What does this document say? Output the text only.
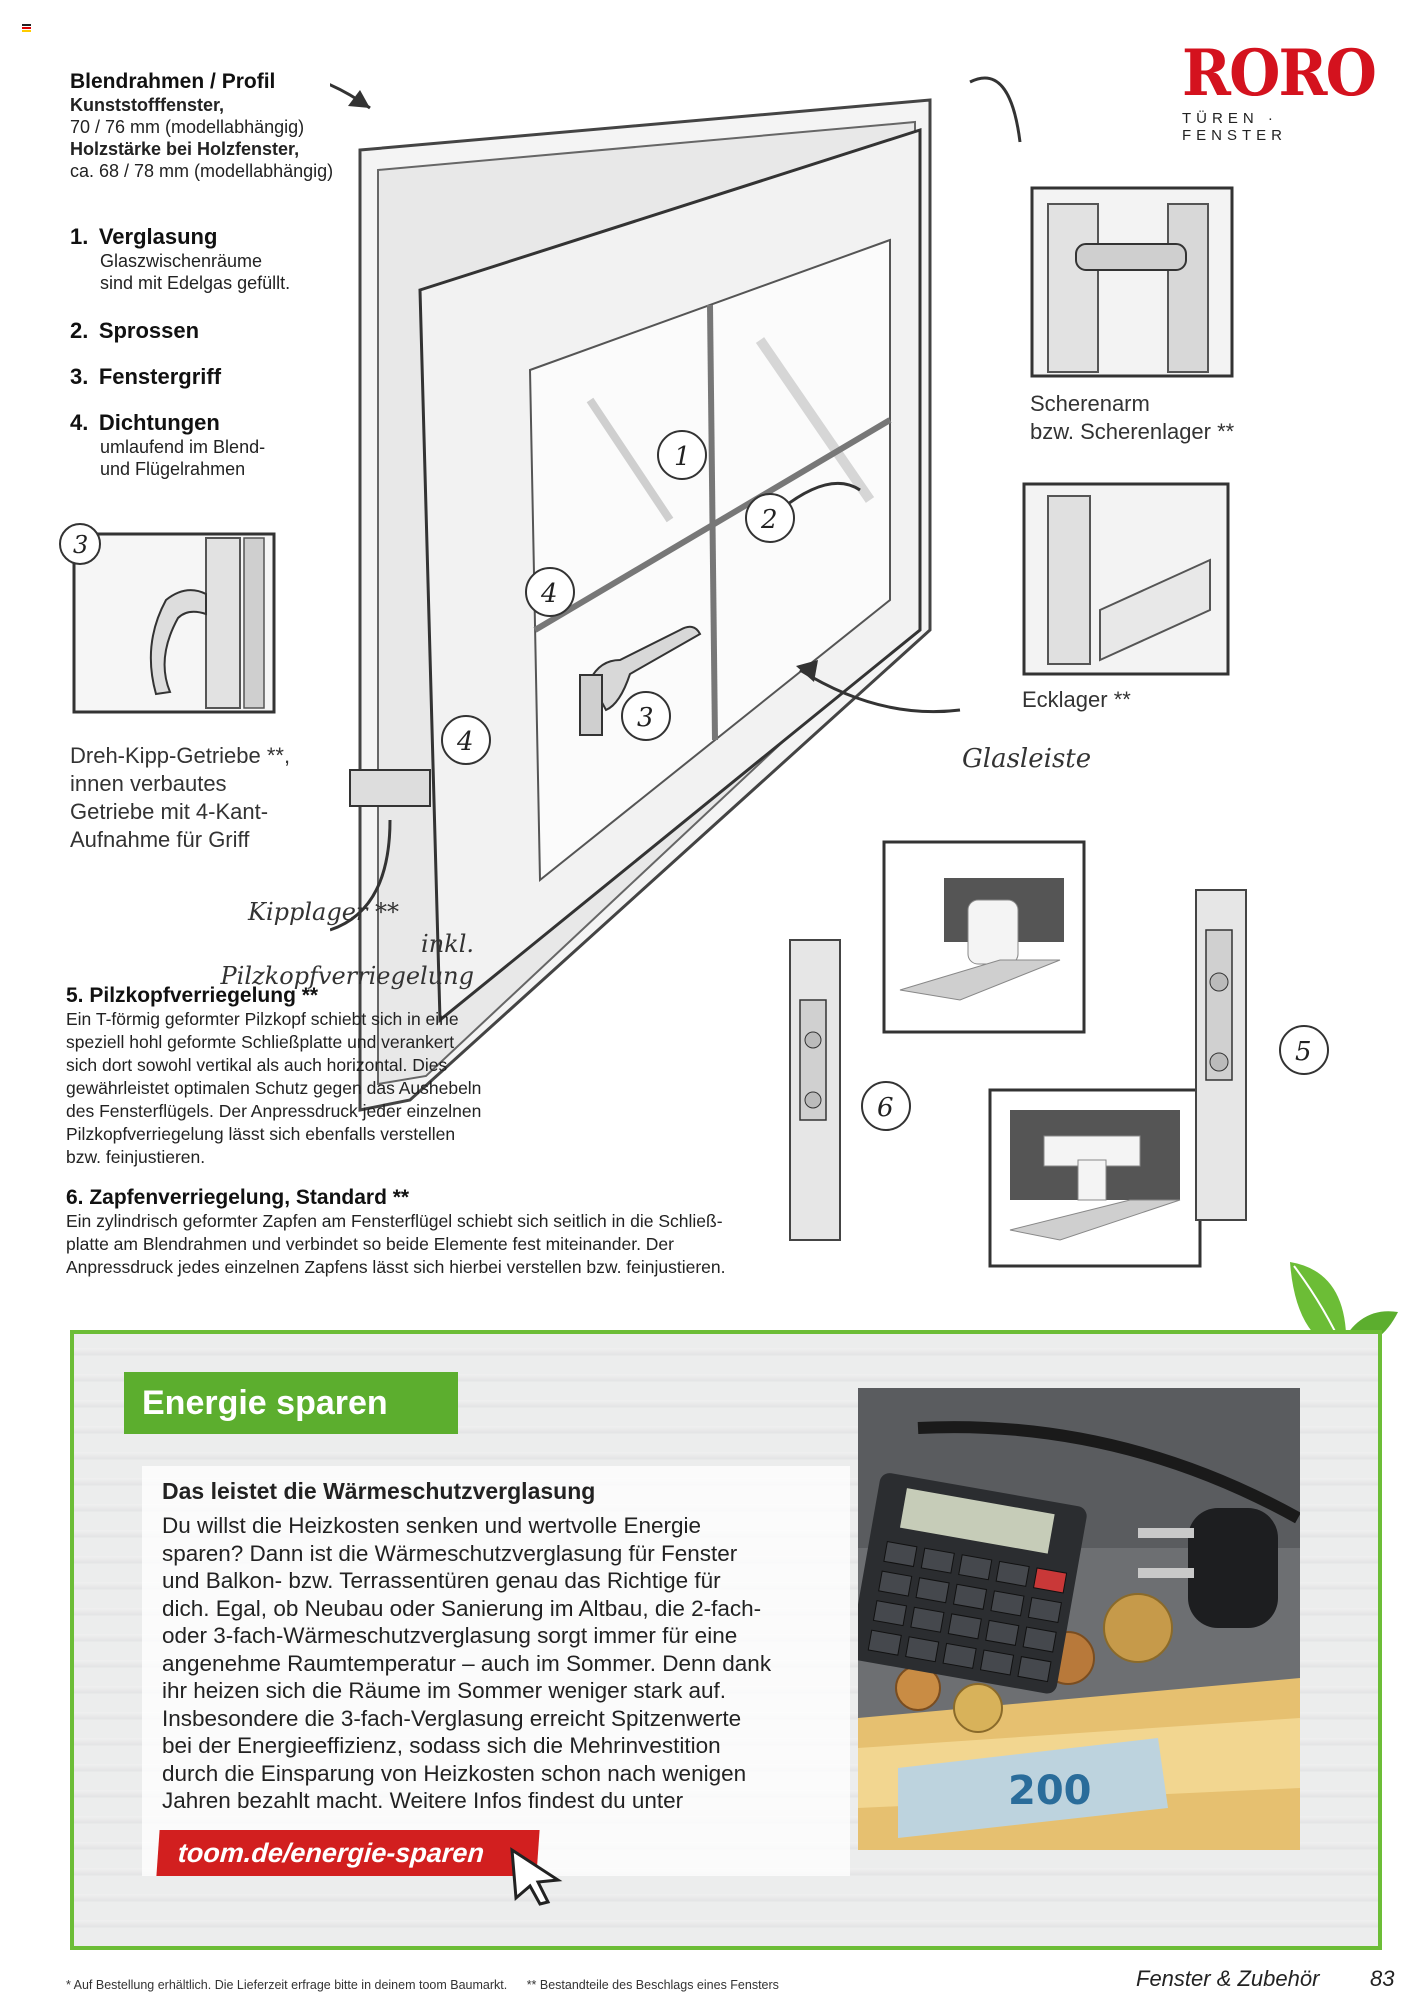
RORO
TÜREN · FENSTER
Blendrahmen / Profil
Kunststofffenster,
70 / 76 mm (modellabhängig)
Holzstärke bei Holzfenster,
ca. 68 / 78 mm (modellabhängig)
1. Verglasung
Glaszwischenräume
sind mit Edelgas gefüllt.
2. Sprossen
3. Fenstergriff
4. Dichtungen
umlaufend im Blend-
und Flügelrahmen
3
Dreh-Kipp-Getriebe **,
innen verbautes
Getriebe mit 4-Kant-
Aufnahme für Griff
1
2
3
4
4
Scherenarm
bzw. Scherenlager **
Ecklager **
Glasleiste
Kipplager **
inkl. Pilzkopfverriegelung
6
5
5. Pilzkopfverriegelung **
Ein T-förmig geformter Pilzkopf schiebt sich in eine
speziell hohl geformte Schließplatte und verankert
sich dort sowohl vertikal als auch horizontal. Dies
gewährleistet optimalen Schutz gegen das Aushebeln
des Fensterflügels. Der Anpressdruck jeder einzelnen
Pilzkopfverriegelung lässt sich ebenfalls verstellen
bzw. feinjustieren.
6. Zapfenverriegelung, Standard **
Ein zylindrisch geformter Zapfen am Fensterflügel schiebt sich seitlich in die Schließ-
platte am Blendrahmen und verbindet so beide Elemente fest miteinander. Der
Anpressdruck jedes einzelnen Zapfens lässt sich hierbei verstellen bzw. feinjustieren.
Energie sparen
Das leistet die Wärmeschutzverglasung
Du willst die Heizkosten senken und wertvolle Energie
sparen? Dann ist die Wärmeschutzverglasung für Fenster
und Balkon- bzw. Terrassentüren genau das Richtige für
dich. Egal, ob Neubau oder Sanierung im Altbau, die 2-fach-
oder 3-fach-Wärmeschutzverglasung sorgt immer für eine
angenehme Raumtemperatur – auch im Sommer. Denn dank
ihr heizen sich die Räume im Sommer weniger stark auf.
Insbesondere die 3-fach-Verglasung erreicht Spitzenwerte
bei der Energieeffizienz, sodass sich die Mehrinvestition
durch die Einsparung von Heizkosten schon nach wenigen
Jahren bezahlt macht. Weitere Infos findest du unter
toom.de/energie-sparen
200
* Auf Bestellung erhältlich. Die Lieferzeit erfrage bitte in deinem toom Baumarkt. ** Bestandteile des Beschlags eines Fensters	Fenster & Zubehör 83
